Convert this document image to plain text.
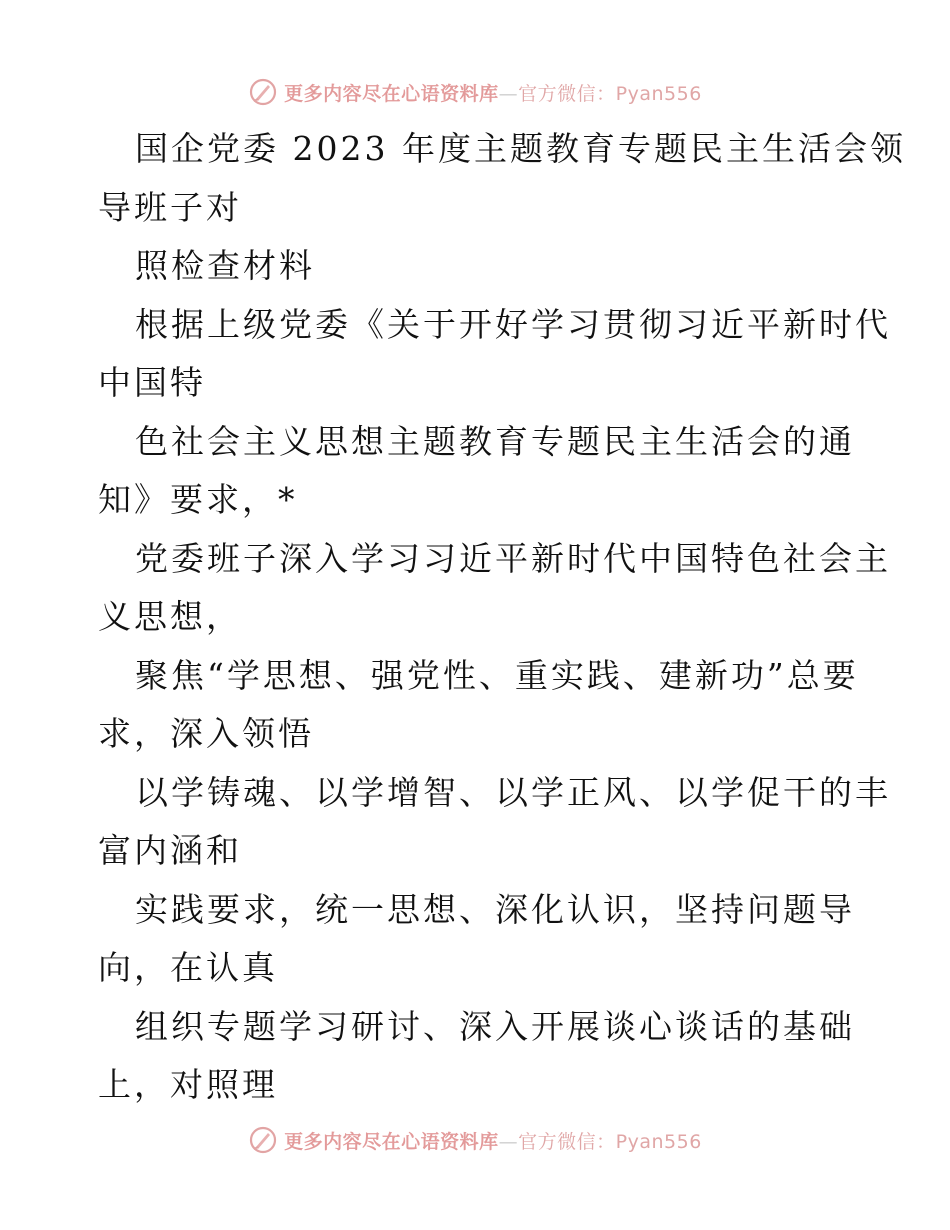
更多内容尽在心语资料库—官方微信：Pyan556
国企党委 2023 年度主题教育专题民主生活会领
导班子对
照检查材料
根据上级党委《关于开好学习贯彻习近平新时代
中国特
色社会主义思想主题教育专题民主生活会的通
知》要求，*
党委班子深入学习习近平新时代中国特色社会主
义思想，
聚焦“学思想、强党性、重实践、建新功”总要
求，深入领悟
以学铸魂、以学增智、以学正风、以学促干的丰
富内涵和
实践要求，统一思想、深化认识，坚持问题导
向，在认真
组织专题学习研讨、深入开展谈心谈话的基础
上，对照理
更多内容尽在心语资料库—官方微信：Pyan556
